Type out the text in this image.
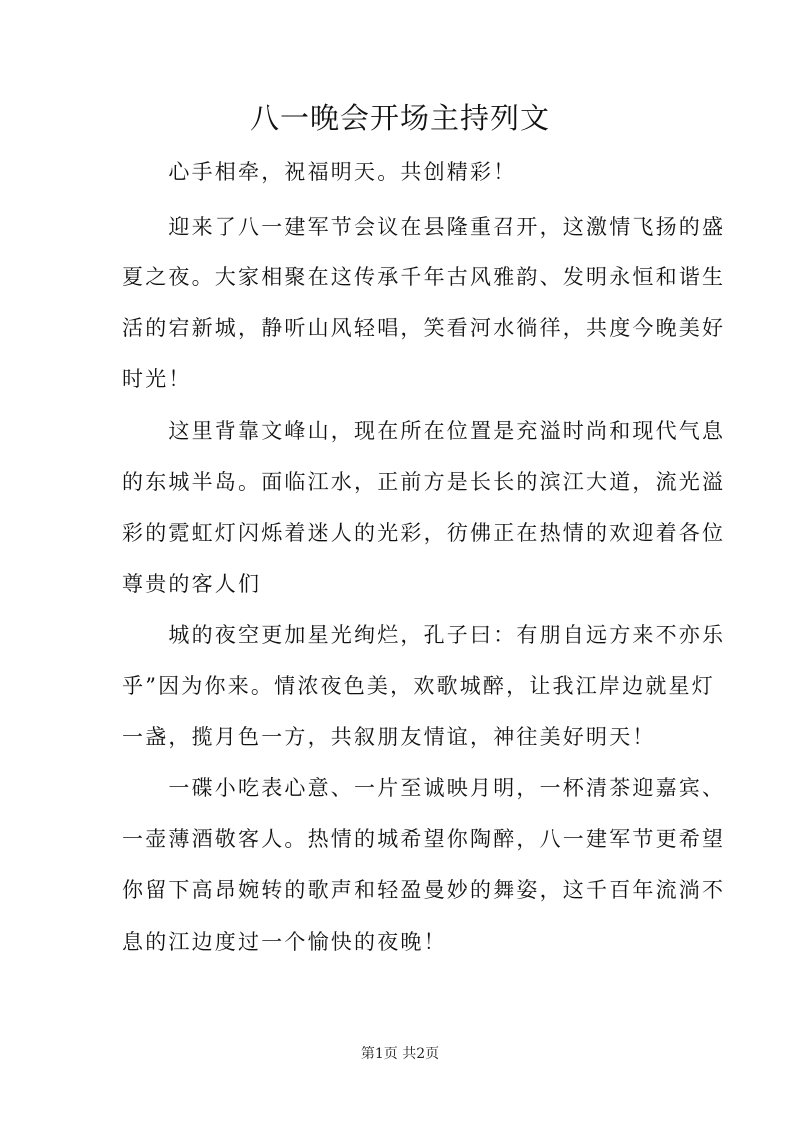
八一晚会开场主持列文
　　心手相牵，祝福明天。共创精彩！
　　迎来了八一建军节会议在县隆重召开，这激情飞扬的盛
夏之夜。大家相聚在这传承千年古风雅韵、发明永恒和谐生
活的宕新城，静听山风轻唱，笑看河水徜徉，共度今晚美好
时光！
　　这里背靠文峰山，现在所在位置是充溢时尚和现代气息
的东城半岛。面临江水，正前方是长长的滨江大道，流光溢
彩的霓虹灯闪烁着迷人的光彩，彷佛正在热情的欢迎着各位
尊贵的客人们
　　城的夜空更加星光绚烂，孔子曰：有朋自远方来不亦乐
乎”因为你来。情浓夜色美，欢歌城醉，让我江岸边就星灯
一盏，揽月色一方，共叙朋友情谊，神往美好明天！
　　一碟小吃表心意、一片至诚映月明，一杯清茶迎嘉宾、
一壶薄酒敬客人。热情的城希望你陶醉，八一建军节更希望
你留下高昂婉转的歌声和轻盈曼妙的舞姿，这千百年流淌不
息的江边度过一个愉快的夜晚！
第1页 共2页
